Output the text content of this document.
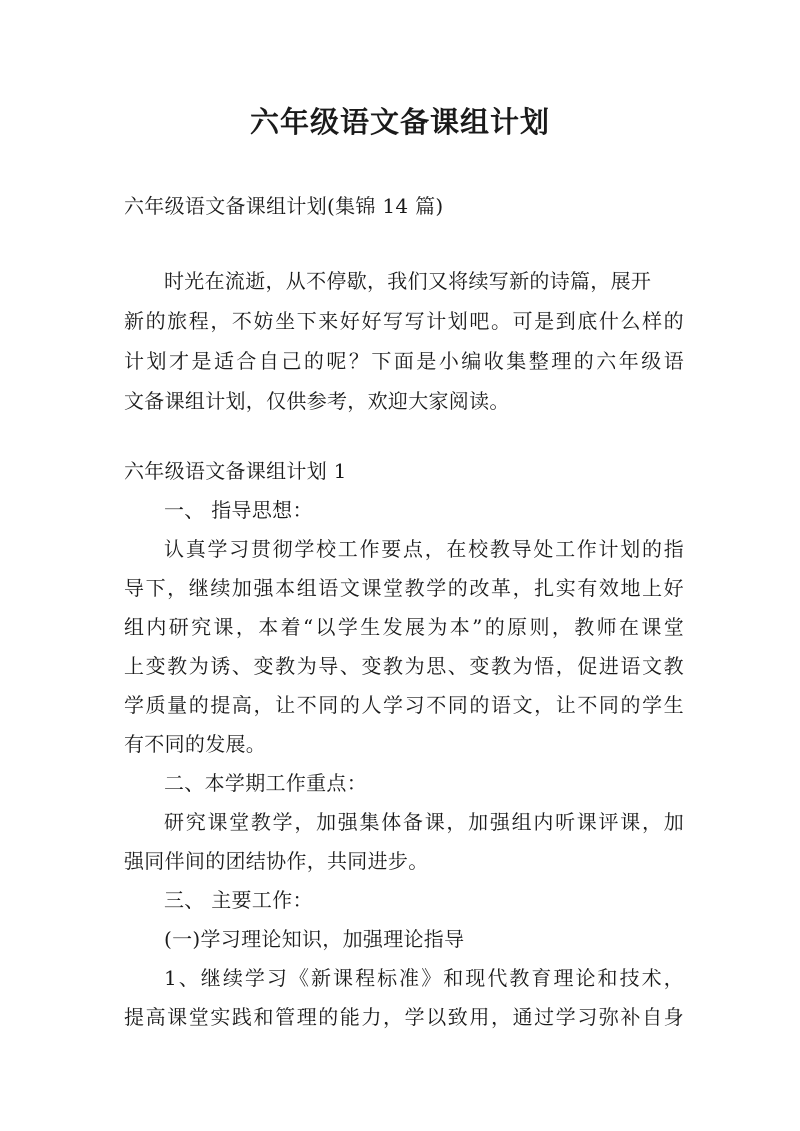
六年级语文备课组计划
六年级语文备课组计划(集锦 14 篇)
时光在流逝，从不停歇，我们又将续写新的诗篇，展开
新的旅程，不妨坐下来好好写写计划吧。可是到底什么样的
计划才是适合自己的呢？下面是小编收集整理的六年级语
文备课组计划，仅供参考，欢迎大家阅读。
六年级语文备课组计划 1
一、 指导思想：
认真学习贯彻学校工作要点，在校教导处工作计划的指
导下，继续加强本组语文课堂教学的改革，扎实有效地上好
组内研究课，本着“以学生发展为本”的原则，教师在课堂
上变教为诱、变教为导、变教为思、变教为悟，促进语文教
学质量的提高，让不同的人学习不同的语文，让不同的学生
有不同的发展。
二、本学期工作重点：
研究课堂教学，加强集体备课，加强组内听课评课，加
强同伴间的团结协作，共同进步。
三、 主要工作：
(一)学习理论知识，加强理论指导
1、继续学习《新课程标准》和现代教育理论和技术，
提高课堂实践和管理的能力，学以致用，通过学习弥补自身
